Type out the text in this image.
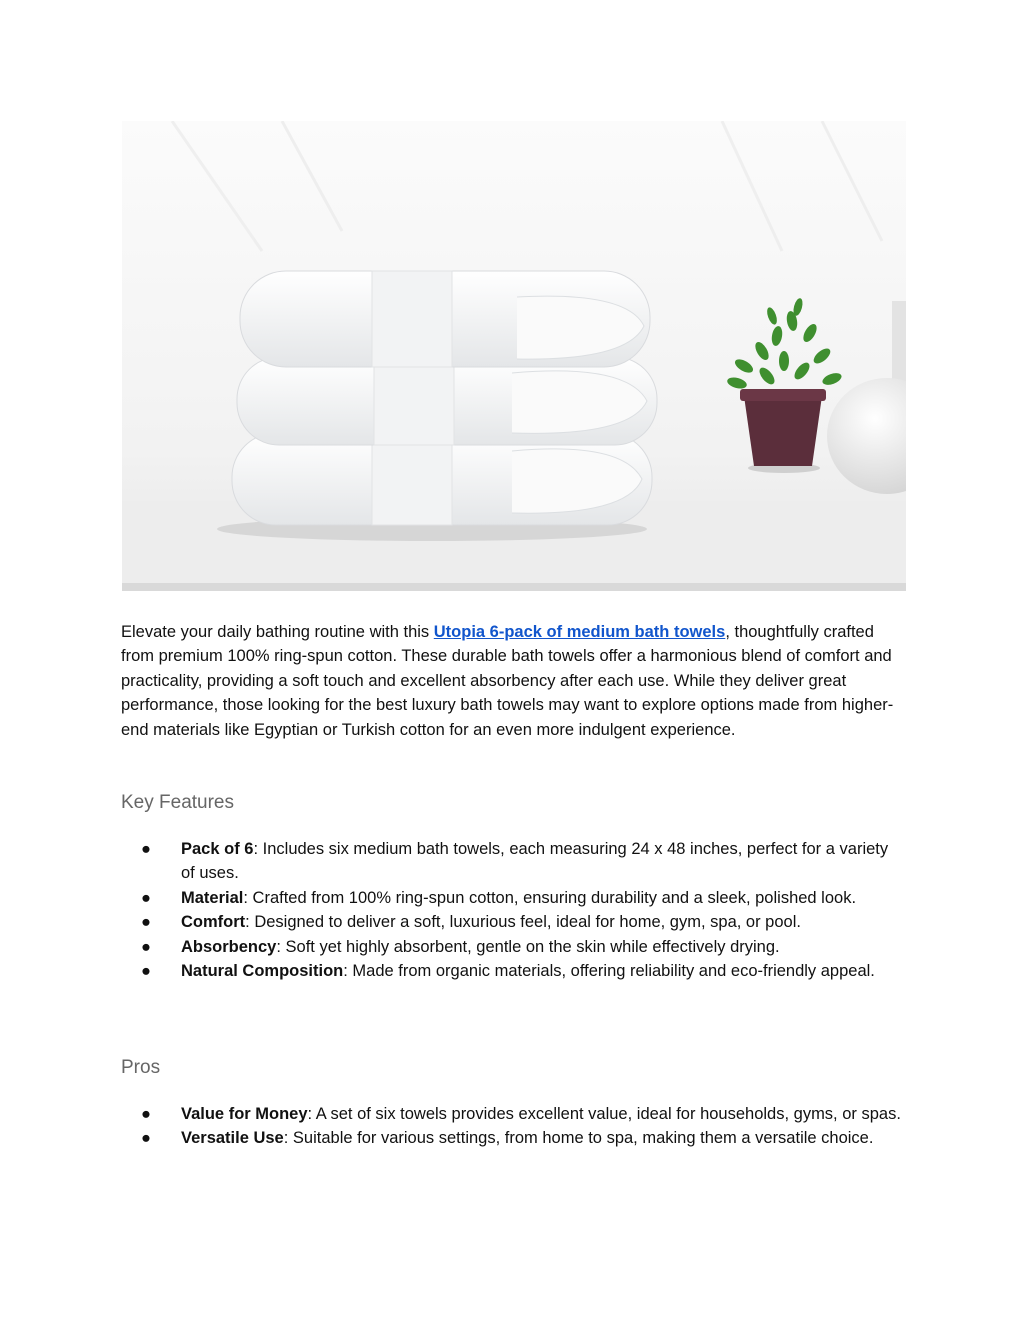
Elevate your daily bathing routine with this Utopia 6-pack of medium bath towels, thoughtfully crafted from premium 100% ring-spun cotton. These durable bath towels offer a harmonious blend of comfort and practicality, providing a soft touch and excellent absorbency after each use. While they deliver great performance, those looking for the best luxury bath towels may want to explore options made from higher-end materials like Egyptian or Turkish cotton for an even more indulgent experience.

Key Features
● Pack of 6: Includes six medium bath towels, each measuring 24 x 48 inches, perfect for a variety of uses.
● Material: Crafted from 100% ring-spun cotton, ensuring durability and a sleek, polished look.
● Comfort: Designed to deliver a soft, luxurious feel, ideal for home, gym, spa, or pool.
● Absorbency: Soft yet highly absorbent, gentle on the skin while effectively drying.
● Natural Composition: Made from organic materials, offering reliability and eco-friendly appeal.
Pros
● Value for Money: A set of six towels provides excellent value, ideal for households, gyms, or spas.
● Versatile Use: Suitable for various settings, from home to spa, making them a versatile choice.
